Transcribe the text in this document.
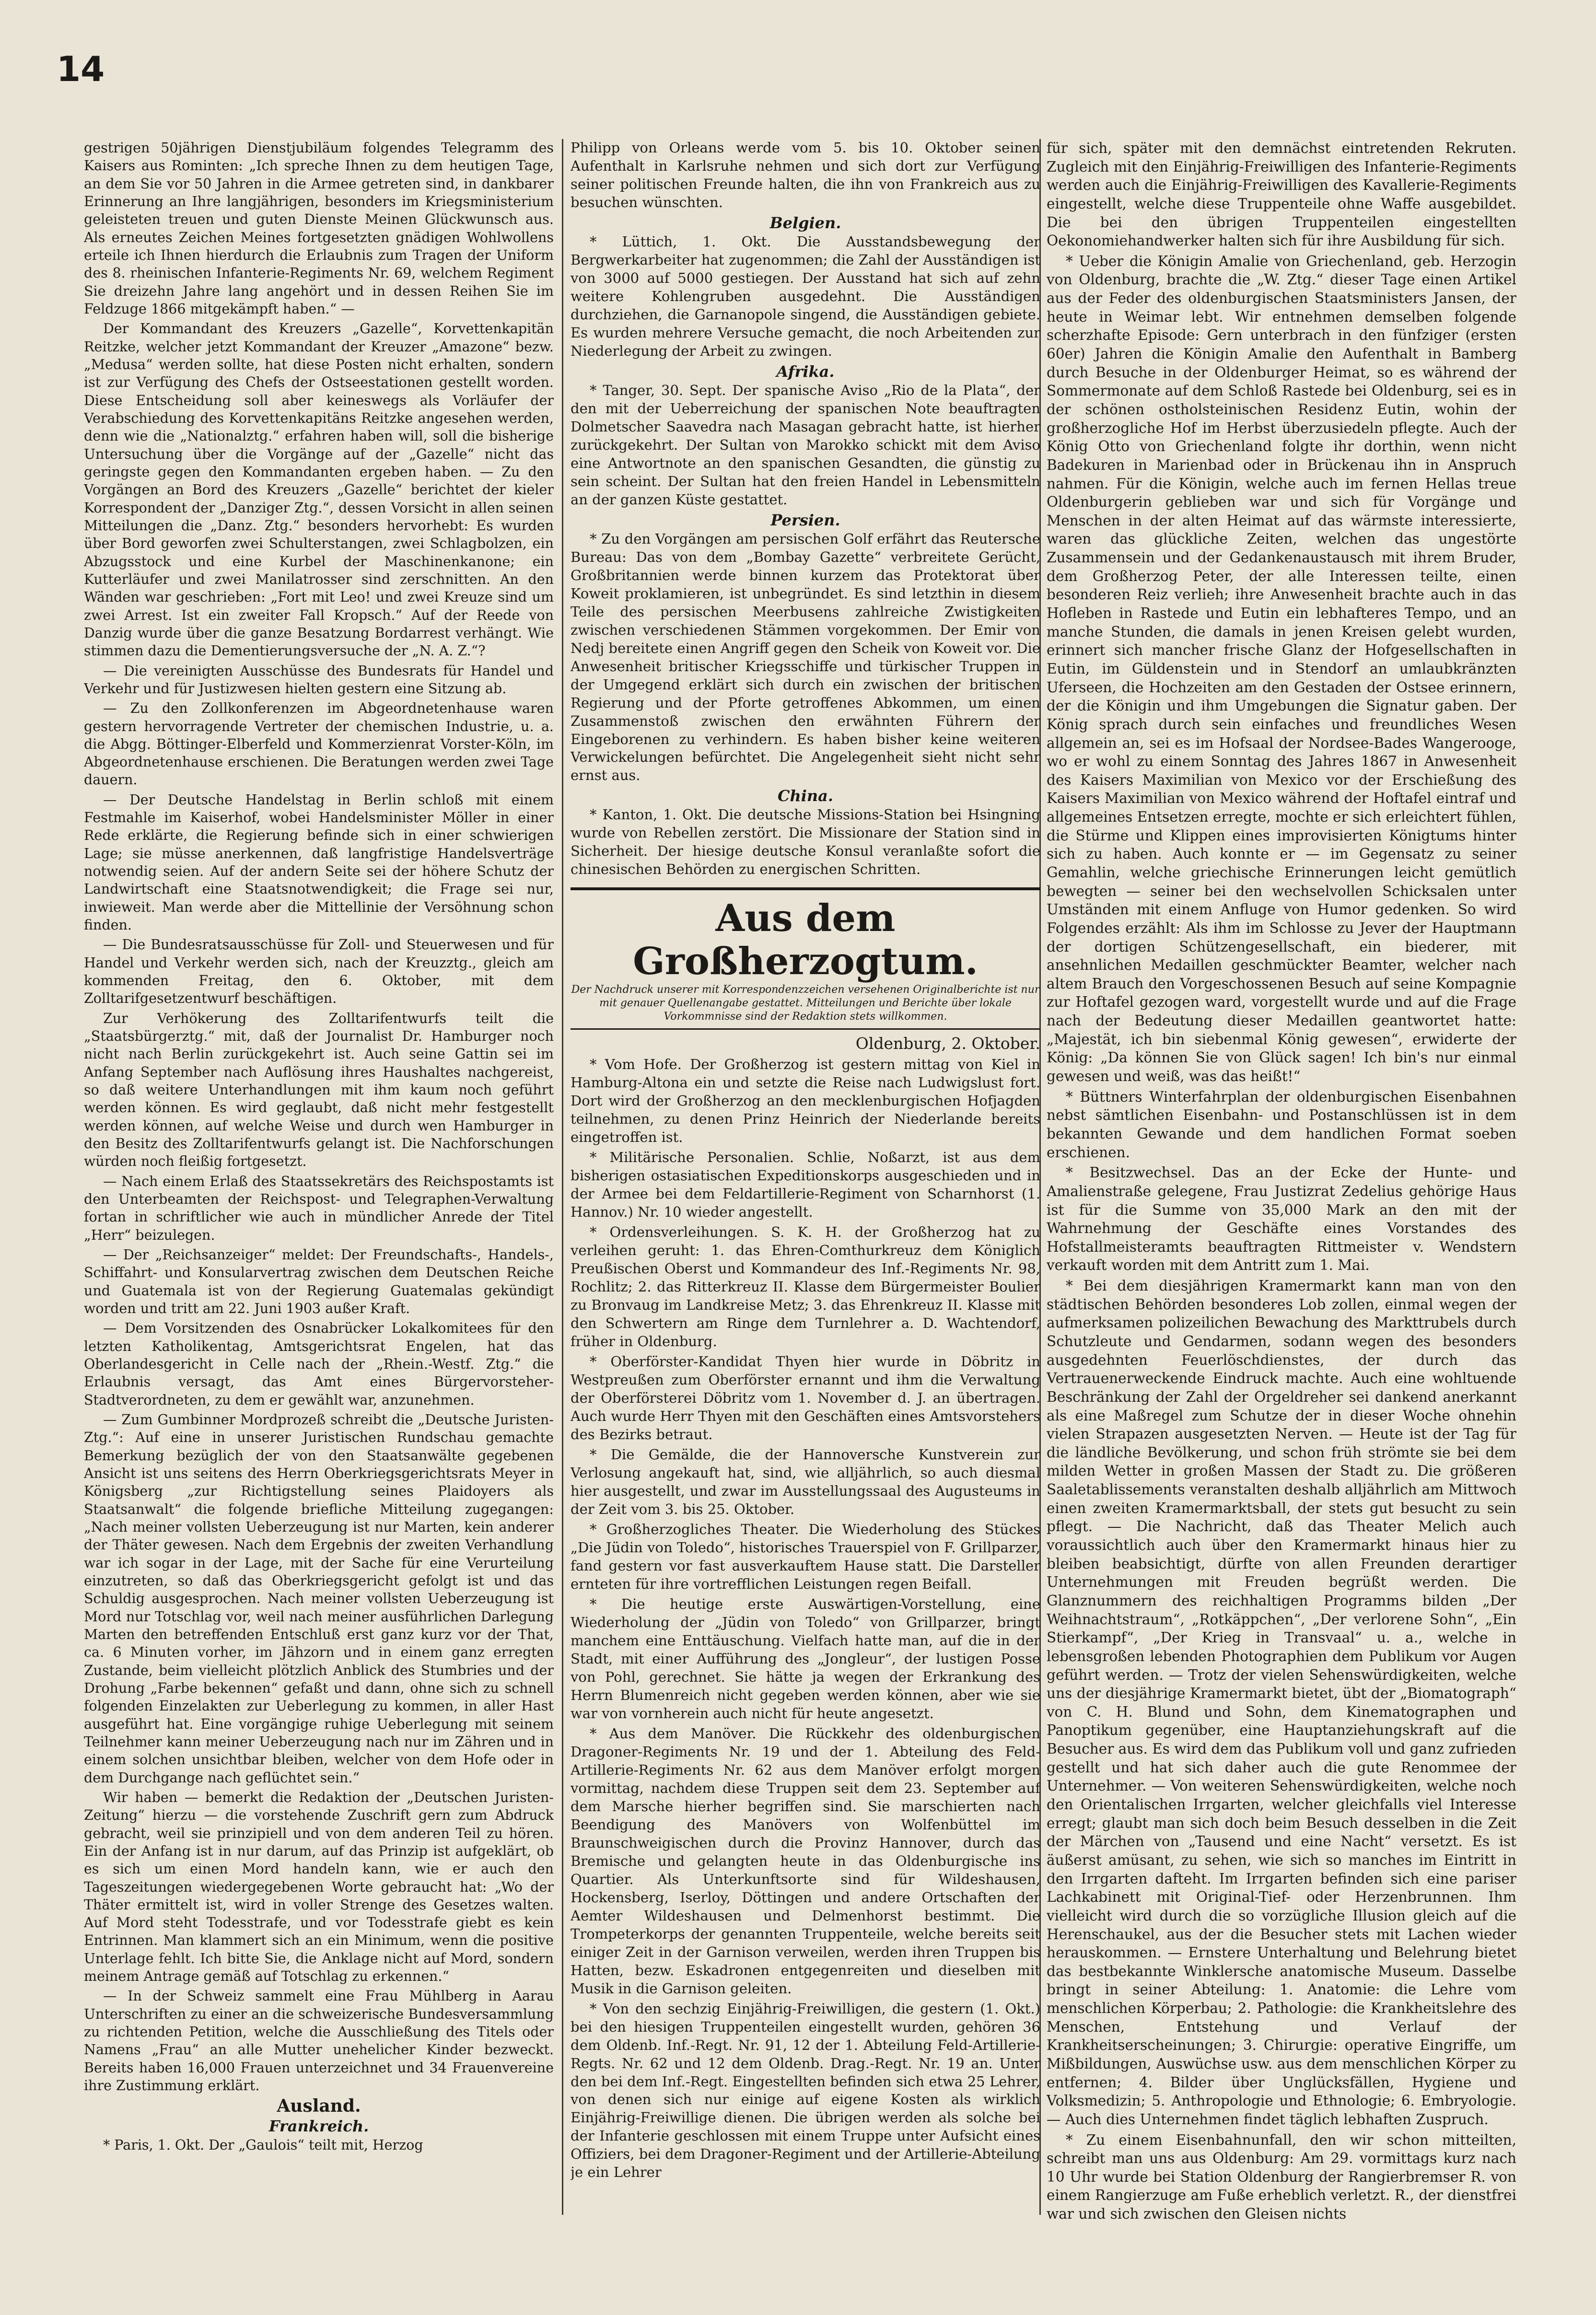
14

gestrigen 50jährigen Dienstjubiläum folgendes Telegramm des Kaisers aus Rominten: „Ich spreche Ihnen zu dem heutigen Tage, an dem Sie vor 50 Jahren in die Armee getreten sind, in dankbarer Erinnerung an Ihre langjährigen, besonders im Kriegsministerium geleisteten treuen und guten Dienste Meinen Glückwunsch aus. Als erneutes Zeichen Meines fortgesetzten gnädigen Wohlwollens erteile ich Ihnen hierdurch die Erlaubnis zum Tragen der Uniform des 8. rheinischen Infanterie-Regiments Nr. 69, welchem Regiment Sie dreizehn Jahre lang angehört und in dessen Reihen Sie im Feldzuge 1866 mitgekämpft haben.“ —

Der Kommandant des Kreuzers „Gazelle“, Korvettenkapitän Reitzke, welcher jetzt Kommandant der Kreuzer „Amazone“ bezw. „Medusa“ werden sollte, hat diese Posten nicht erhalten, sondern ist zur Verfügung des Chefs der Ostseestationen gestellt worden. Diese Entscheidung soll aber keineswegs als Vorläufer der Verabschiedung des Korvettenkapitäns Reitzke angesehen werden, denn wie die „Nationalztg.“ erfahren haben will, soll die bisherige Untersuchung über die Vorgänge auf der „Gazelle“ nicht das geringste gegen den Kommandanten ergeben haben. — Zu den Vorgängen an Bord des Kreuzers „Gazelle“ berichtet der kieler Korrespondent der „Danziger Ztg.“, dessen Vorsicht in allen seinen Mitteilungen die „Danz. Ztg.“ besonders hervorhebt: Es wurden über Bord geworfen zwei Schulterstangen, zwei Schlagbolzen, ein Abzugsstock und eine Kurbel der Maschinenkanone; ein Kutterläufer und zwei Manilatrosser sind zerschnitten. An den Wänden war geschrieben: „Fort mit Leo! und zwei Kreuze sind um zwei Arrest. Ist ein zweiter Fall Kropsch.“ Auf der Reede von Danzig wurde über die ganze Besatzung Bordarrest verhängt. Wie stimmen dazu die Dementierungsversuche der „N. A. Z.“?

— Die vereinigten Ausschüsse des Bundesrats für Handel und Verkehr und für Justizwesen hielten gestern eine Sitzung ab.

— Zu den Zollkonferenzen im Abgeordnetenhause waren gestern hervorragende Vertreter der chemischen Industrie, u. a. die Abgg. Böttinger-Elberfeld und Kommerzienrat Vorster-Köln, im Abgeordnetenhause erschienen. Die Beratungen werden zwei Tage dauern.

— Der Deutsche Handelstag in Berlin schloß mit einem Festmahle im Kaiserhof, wobei Handelsminister Möller in einer Rede erklärte, die Regierung befinde sich in einer schwierigen Lage; sie müsse anerkennen, daß langfristige Handelsverträge notwendig seien. Auf der andern Seite sei der höhere Schutz der Landwirtschaft eine Staatsnotwendigkeit; die Frage sei nur, inwieweit. Man werde aber die Mittellinie der Versöhnung schon finden.

— Die Bundesratsausschüsse für Zoll- und Steuerwesen und für Handel und Verkehr werden sich, nach der Kreuzztg., gleich am kommenden Freitag, den 6. Oktober, mit dem Zolltarifgesetzentwurf beschäftigen.

Zur Verhökerung des Zolltarifentwurfs teilt die „Staatsbürgerztg.“ mit, daß der Journalist Dr. Hamburger noch nicht nach Berlin zurückgekehrt ist. Auch seine Gattin sei im Anfang September nach Auflösung ihres Haushaltes nachgereist, so daß weitere Unterhandlungen mit ihm kaum noch geführt werden können. Es wird geglaubt, daß nicht mehr festgestellt werden können, auf welche Weise und durch wen Hamburger in den Besitz des Zolltarifentwurfs gelangt ist. Die Nachforschungen würden noch fleißig fortgesetzt.

— Nach einem Erlaß des Staatssekretärs des Reichspostamts ist den Unterbeamten der Reichspost- und Telegraphen-Verwaltung fortan in schriftlicher wie auch in mündlicher Anrede der Titel „Herr“ beizulegen.

— Der „Reichsanzeiger“ meldet: Der Freundschafts-, Handels-, Schiffahrt- und Konsularvertrag zwischen dem Deutschen Reiche und Guatemala ist von der Regierung Guatemalas gekündigt worden und tritt am 22. Juni 1903 außer Kraft.

— Dem Vorsitzenden des Osnabrücker Lokalkomitees für den letzten Katholikentag, Amtsgerichtsrat Engelen, hat das Oberlandesgericht in Celle nach der „Rhein.-Westf. Ztg.“ die Erlaubnis versagt, das Amt eines Bürgervorsteher-Stadtverordneten, zu dem er gewählt war, anzunehmen.

— Zum Gumbinner Mordprozeß schreibt die „Deutsche Juristen-Ztg.“: Auf eine in unserer Juristischen Rundschau gemachte Bemerkung bezüglich der von den Staatsanwälte gegebenen Ansicht ist uns seitens des Herrn Oberkriegsgerichtsrats Meyer in Königsberg „zur Richtigstellung seines Plaidoyers als Staatsanwalt“ die folgende briefliche Mitteilung zugegangen: „Nach meiner vollsten Ueberzeugung ist nur Marten, kein anderer der Thäter gewesen. Nach dem Ergebnis der zweiten Verhandlung war ich sogar in der Lage, mit der Sache für eine Verurteilung einzutreten, so daß das Oberkriegsgericht gefolgt ist und das Schuldig ausgesprochen. Nach meiner vollsten Ueberzeugung ist Mord nur Totschlag vor, weil nach meiner ausführlichen Darlegung Marten den betreffenden Entschluß erst ganz kurz vor der That, ca. 6 Minuten vorher, im Jähzorn und in einem ganz erregten Zustande, beim vielleicht plötzlich Anblick des Stumbries und der Drohung „Farbe bekennen“ gefaßt und dann, ohne sich zu schnell folgenden Einzelakten zur Ueberlegung zu kommen, in aller Hast ausgeführt hat. Eine vorgängige ruhige Ueberlegung mit seinem Teilnehmer kann meiner Ueberzeugung nach nur im Zähren und in einem solchen unsichtbar bleiben, welcher von dem Hofe oder in dem Durchgange nach geflüchtet sein.“

Wir haben — bemerkt die Redaktion der „Deutschen Juristen-Zeitung“ hierzu — die vorstehende Zuschrift gern zum Abdruck gebracht, weil sie prinzipiell und von dem anderen Teil zu hören. Ein der Anfang ist in nur darum, auf das Prinzip ist aufgeklärt, ob es sich um einen Mord handeln kann, wie er auch den Tageszeitungen wiedergegebenen Worte gebraucht hat: „Wo der Thäter ermittelt ist, wird in voller Strenge des Gesetzes walten. Auf Mord steht Todesstrafe, und vor Todesstrafe giebt es kein Entrinnen. Man klammert sich an ein Minimum, wenn die positive Unterlage fehlt. Ich bitte Sie, die Anklage nicht auf Mord, sondern meinem Antrage gemäß auf Totschlag zu erkennen.“

— In der Schweiz sammelt eine Frau Mühlberg in Aarau Unterschriften zu einer an die schweizerische Bundesversammlung zu richtenden Petition, welche die Ausschließung des Titels oder Namens „Frau“ an alle Mutter unehelicher Kinder bezweckt. Bereits haben 16,000 Frauen unterzeichnet und 34 Frauenvereine ihre Zustimmung erklärt.

Ausland.
Frankreich.

* Paris, 1. Okt. Der „Gaulois“ teilt mit, Herzog

Philipp von Orleans werde vom 5. bis 10. Oktober seinen Aufenthalt in Karlsruhe nehmen und sich dort zur Verfügung seiner politischen Freunde halten, die ihn von Frankreich aus zu besuchen wünschten.

Belgien.

* Lüttich, 1. Okt. Die Ausstandsbewegung der Bergwerkarbeiter hat zugenommen; die Zahl der Ausständigen ist von 3000 auf 5000 gestiegen. Der Ausstand hat sich auf zehn weitere Kohlengruben ausgedehnt. Die Ausständigen durchziehen, die Garnanopole singend, die Ausständigen gebiete. Es wurden mehrere Versuche gemacht, die noch Arbeitenden zur Niederlegung der Arbeit zu zwingen.

Afrika.

* Tanger, 30. Sept. Der spanische Aviso „Rio de la Plata“, der den mit der Ueberreichung der spanischen Note beauftragten Dolmetscher Saavedra nach Masagan gebracht hatte, ist hierher zurückgekehrt. Der Sultan von Marokko schickt mit dem Aviso eine Antwortnote an den spanischen Gesandten, die günstig zu sein scheint. Der Sultan hat den freien Handel in Lebensmitteln an der ganzen Küste gestattet.

Persien.

* Zu den Vorgängen am persischen Golf erfährt das Reutersche Bureau: Das von dem „Bombay Gazette“ verbreitete Gerücht, Großbritannien werde binnen kurzem das Protektorat über Koweit proklamieren, ist unbegründet. Es sind letzthin in diesem Teile des persischen Meerbusens zahlreiche Zwistigkeiten zwischen verschiedenen Stämmen vorgekommen. Der Emir von Nedj bereitete einen Angriff gegen den Scheik von Koweit vor. Die Anwesenheit britischer Kriegsschiffe und türkischer Truppen in der Umgegend erklärt sich durch ein zwischen der britischen Regierung und der Pforte getroffenes Abkommen, um einen Zusammenstoß zwischen den erwähnten Führern der Eingeborenen zu verhindern. Es haben bisher keine weiteren Verwickelungen befürchtet. Die Angelegenheit sieht nicht sehr ernst aus.

China.

* Kanton, 1. Okt. Die deutsche Missions-Station bei Hsingning wurde von Rebellen zerstört. Die Missionare der Station sind in Sicherheit. Der hiesige deutsche Konsul veranlaßte sofort die chinesischen Behörden zu energischen Schritten.

Aus dem Großherzogtum.
Der Nachdruck unserer mit Korrespondenzzeichen versehenen Originalberichte ist nur mit genauer Quellenangabe gestattet. Mitteilungen und Berichte über lokale Vorkommnisse sind der Redaktion stets willkommen.
Oldenburg, 2. Oktober.

* Vom Hofe. Der Großherzog ist gestern mittag von Kiel in Hamburg-Altona ein und setzte die Reise nach Ludwigslust fort. Dort wird der Großherzog an den mecklenburgischen Hofjagden teilnehmen, zu denen Prinz Heinrich der Niederlande bereits eingetroffen ist.

* Militärische Personalien. Schlie, Noßarzt, ist aus dem bisherigen ostasiatischen Expeditionskorps ausgeschieden und in der Armee bei dem Feldartillerie-Regiment von Scharnhorst (1. Hannov.) Nr. 10 wieder angestellt.

* Ordensverleihungen. S. K. H. der Großherzog hat zu verleihen geruht: 1. das Ehren-Comthurkreuz dem Königlich Preußischen Oberst und Kommandeur des Inf.-Regiments Nr. 98, Rochlitz; 2. das Ritterkreuz II. Klasse dem Bürgermeister Boulier zu Bronvaug im Landkreise Metz; 3. das Ehrenkreuz II. Klasse mit den Schwertern am Ringe dem Turnlehrer a. D. Wachtendorf, früher in Oldenburg.

* Oberförster-Kandidat Thyen hier wurde in Döbritz in Westpreußen zum Oberförster ernannt und ihm die Verwaltung der Oberförsterei Döbritz vom 1. November d. J. an übertragen. Auch wurde Herr Thyen mit den Geschäften eines Amtsvorstehers des Bezirks betraut.

* Die Gemälde, die der Hannoversche Kunstverein zur Verlosung angekauft hat, sind, wie alljährlich, so auch diesmal hier ausgestellt, und zwar im Ausstellungssaal des Augusteums in der Zeit vom 3. bis 25. Oktober.

* Großherzogliches Theater. Die Wiederholung des Stückes „Die Jüdin von Toledo“, historisches Trauerspiel von F. Grillparzer, fand gestern vor fast ausverkauftem Hause statt. Die Darsteller ernteten für ihre vortrefflichen Leistungen regen Beifall.

* Die heutige erste Auswärtigen-Vorstellung, eine Wiederholung der „Jüdin von Toledo“ von Grillparzer, bringt manchem eine Enttäuschung. Vielfach hatte man, auf die in der Stadt, mit einer Aufführung des „Jongleur“, der lustigen Posse von Pohl, gerechnet. Sie hätte ja wegen der Erkrankung des Herrn Blumenreich nicht gegeben werden können, aber wie sie war von vornherein auch nicht für heute angesetzt.

* Aus dem Manöver. Die Rückkehr des oldenburgischen Dragoner-Regiments Nr. 19 und der 1. Abteilung des Feld-Artillerie-Regiments Nr. 62 aus dem Manöver erfolgt morgen vormittag, nachdem diese Truppen seit dem 23. September auf dem Marsche hierher begriffen sind. Sie marschierten nach Beendigung des Manövers von Wolfenbüttel im Braunschweigischen durch die Provinz Hannover, durch das Bremische und gelangten heute in das Oldenburgische ins Quartier. Als Unterkunftsorte sind für Wildeshausen, Hockensberg, Iserloy, Döttingen und andere Ortschaften der Aemter Wildeshausen und Delmenhorst bestimmt. Die Trompeterkorps der genannten Truppenteile, welche bereits seit einiger Zeit in der Garnison verweilen, werden ihren Truppen bis Hatten, bezw. Eskadronen entgegenreiten und dieselben mit Musik in die Garnison geleiten.

* Von den sechzig Einjährig-Freiwilligen, die gestern (1. Okt.) bei den hiesigen Truppenteilen eingestellt wurden, gehören 36 dem Oldenb. Inf.-Regt. Nr. 91, 12 der 1. Abteilung Feld-Artillerie-Regts. Nr. 62 und 12 dem Oldenb. Drag.-Regt. Nr. 19 an. Unter den bei dem Inf.-Regt. Eingestellten befinden sich etwa 25 Lehrer, von denen sich nur einige auf eigene Kosten als wirklich Einjährig-Freiwillige dienen. Die übrigen werden als solche bei der Infanterie geschlossen mit einem Truppe unter Aufsicht eines Offiziers, bei dem Dragoner-Regiment und der Artillerie-Abteilung je ein Lehrer

für sich, später mit den demnächst eintretenden Rekruten. Zugleich mit den Einjährig-Freiwilligen des Infanterie-Regiments werden auch die Einjährig-Freiwilligen des Kavallerie-Regiments eingestellt, welche diese Truppenteile ohne Waffe ausgebildet. Die bei den übrigen Truppenteilen eingestellten Oekonomiehandwerker halten sich für ihre Ausbildung für sich.

* Ueber die Königin Amalie von Griechenland, geb. Herzogin von Oldenburg, brachte die „W. Ztg.“ dieser Tage einen Artikel aus der Feder des oldenburgischen Staatsministers Jansen, der heute in Weimar lebt. Wir entnehmen demselben folgende scherzhafte Episode: Gern unterbrach in den fünfziger (ersten 60er) Jahren die Königin Amalie den Aufenthalt in Bamberg durch Besuche in der Oldenburger Heimat, so es während der Sommermonate auf dem Schloß Rastede bei Oldenburg, sei es in der schönen ostholsteinischen Residenz Eutin, wohin der großherzogliche Hof im Herbst überzusiedeln pflegte. Auch der König Otto von Griechenland folgte ihr dorthin, wenn nicht Badekuren in Marienbad oder in Brückenau ihn in Anspruch nahmen. Für die Königin, welche auch im fernen Hellas treue Oldenburgerin geblieben war und sich für Vorgänge und Menschen in der alten Heimat auf das wärmste interessierte, waren das glückliche Zeiten, welchen das ungestörte Zusammensein und der Gedankenaustausch mit ihrem Bruder, dem Großherzog Peter, der alle Interessen teilte, einen besonderen Reiz verlieh; ihre Anwesenheit brachte auch in das Hofleben in Rastede und Eutin ein lebhafteres Tempo, und an manche Stunden, die damals in jenen Kreisen gelebt wurden, erinnert sich mancher frische Glanz der Hofgesellschaften in Eutin, im Güldenstein und in Stendorf an umlaubkränzten Uferseen, die Hochzeiten am den Gestaden der Ostsee erinnern, der die Königin und ihm Umgebungen die Signatur gaben. Der König sprach durch sein einfaches und freundliches Wesen allgemein an, sei es im Hofsaal der Nordsee-Bades Wangerooge, wo er wohl zu einem Sonntag des Jahres 1867 in Anwesenheit des Kaisers Maximilian von Mexico vor der Erschießung des Kaisers Maximilian von Mexico während der Hoftafel eintraf und allgemeines Entsetzen erregte, mochte er sich erleichtert fühlen, die Stürme und Klippen eines improvisierten Königtums hinter sich zu haben. Auch konnte er — im Gegensatz zu seiner Gemahlin, welche griechische Erinnerungen leicht gemütlich bewegten — seiner bei den wechselvollen Schicksalen unter Umständen mit einem Anfluge von Humor gedenken. So wird Folgendes erzählt: Als ihm im Schlosse zu Jever der Hauptmann der dortigen Schützengesellschaft, ein biederer, mit ansehnlichen Medaillen geschmückter Beamter, welcher nach altem Brauch den Vorgeschossenen Besuch auf seine Kompagnie zur Hoftafel gezogen ward, vorgestellt wurde und auf die Frage nach der Bedeutung dieser Medaillen geantwortet hatte: „Majestät, ich bin siebenmal König gewesen“, erwiderte der König: „Da können Sie von Glück sagen! Ich bin's nur einmal gewesen und weiß, was das heißt!“

* Büttners Winterfahrplan der oldenburgischen Eisenbahnen nebst sämtlichen Eisenbahn- und Postanschlüssen ist in dem bekannten Gewande und dem handlichen Format soeben erschienen.

* Besitzwechsel. Das an der Ecke der Hunte- und Amalienstraße gelegene, Frau Justizrat Zedelius gehörige Haus ist für die Summe von 35,000 Mark an den mit der Wahrnehmung der Geschäfte eines Vorstandes des Hofstallmeisteramts beauftragten Rittmeister v. Wendstern verkauft worden mit dem Antritt zum 1. Mai.

* Bei dem diesjährigen Kramermarkt kann man von den städtischen Behörden besonderes Lob zollen, einmal wegen der aufmerksamen polizeilichen Bewachung des Markttrubels durch Schutzleute und Gendarmen, sodann wegen des besonders ausgedehnten Feuerlöschdienstes, der durch das Vertrauenerweckende Eindruck machte. Auch eine wohltuende Beschränkung der Zahl der Orgeldreher sei dankend anerkannt als eine Maßregel zum Schutze der in dieser Woche ohnehin vielen Strapazen ausgesetzten Nerven. — Heute ist der Tag für die ländliche Bevölkerung, und schon früh strömte sie bei dem milden Wetter in großen Massen der Stadt zu. Die größeren Saaletablissements veranstalten deshalb alljährlich am Mittwoch einen zweiten Kramermarktsball, der stets gut besucht zu sein pflegt. — Die Nachricht, daß das Theater Melich auch voraussichtlich auch über den Kramermarkt hinaus hier zu bleiben beabsichtigt, dürfte von allen Freunden derartiger Unternehmungen mit Freuden begrüßt werden. Die Glanznummern des reichhaltigen Programms bilden „Der Weihnachtstraum“, „Rotkäppchen“, „Der verlorene Sohn“, „Ein Stierkampf“, „Der Krieg in Transvaal“ u. a., welche in lebensgroßen lebenden Photographien dem Publikum vor Augen geführt werden. — Trotz der vielen Sehenswürdigkeiten, welche uns der diesjährige Kramermarkt bietet, übt der „Biomatograph“ von C. H. Blund und Sohn, dem Kinematographen und Panoptikum gegenüber, eine Hauptanziehungskraft auf die Besucher aus. Es wird dem das Publikum voll und ganz zufrieden gestellt und hat sich daher auch die gute Renommee der Unternehmer. — Von weiteren Sehenswürdigkeiten, welche noch den Orientalischen Irrgarten, welcher gleichfalls viel Interesse erregt; glaubt man sich doch beim Besuch desselben in die Zeit der Märchen von „Tausend und eine Nacht“ versetzt. Es ist äußerst amüsant, zu sehen, wie sich so manches im Eintritt in den Irrgarten dafteht. Im Irrgarten befinden sich eine pariser Lachkabinett mit Original-Tief- oder Herzenbrunnen. Ihm vielleicht wird durch die so vorzügliche Illusion gleich auf die Herenschaukel, aus der die Besucher stets mit Lachen wieder herauskommen. — Ernstere Unterhaltung und Belehrung bietet das bestbekannte Winklersche anatomische Museum. Dasselbe bringt in seiner Abteilung: 1. Anatomie: die Lehre vom menschlichen Körperbau; 2. Pathologie: die Krankheitslehre des Menschen, Entstehung und Verlauf der Krankheitserscheinungen; 3. Chirurgie: operative Eingriffe, um Mißbildungen, Auswüchse usw. aus dem menschlichen Körper zu entfernen; 4. Bilder über Unglücksfällen, Hygiene und Volksmedizin; 5. Anthropologie und Ethnologie; 6. Embryologie. — Auch dies Unternehmen findet täglich lebhaften Zuspruch.

* Zu einem Eisenbahnunfall, den wir schon mitteilten, schreibt man uns aus Oldenburg: Am 29. vormittags kurz nach 10 Uhr wurde bei Station Oldenburg der Rangierbremser R. von einem Rangierzuge am Fuße erheblich verletzt. R., der dienstfrei war und sich zwischen den Gleisen nichts
